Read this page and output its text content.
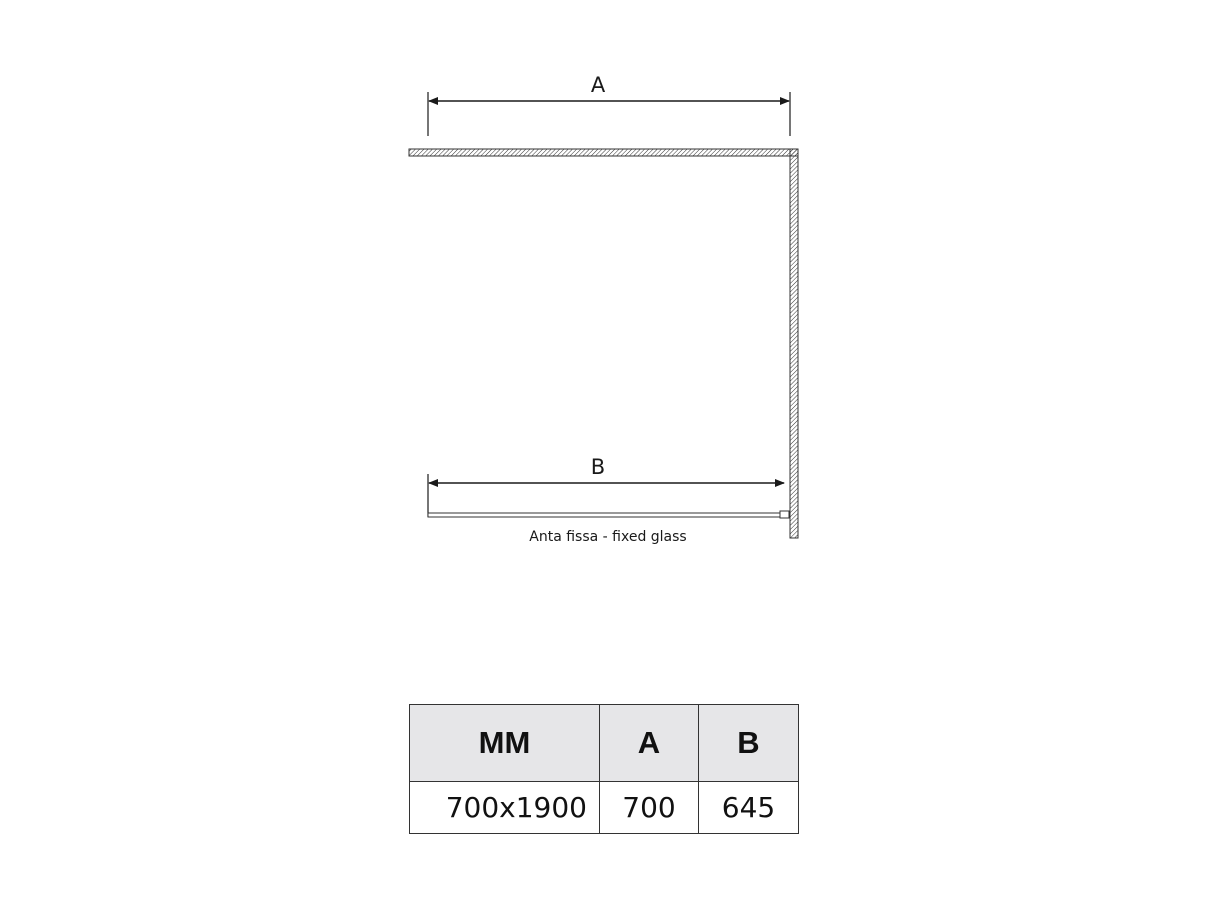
A
B
Anta fissa - fixed glass
MM	A	B
700x1900	700	645
